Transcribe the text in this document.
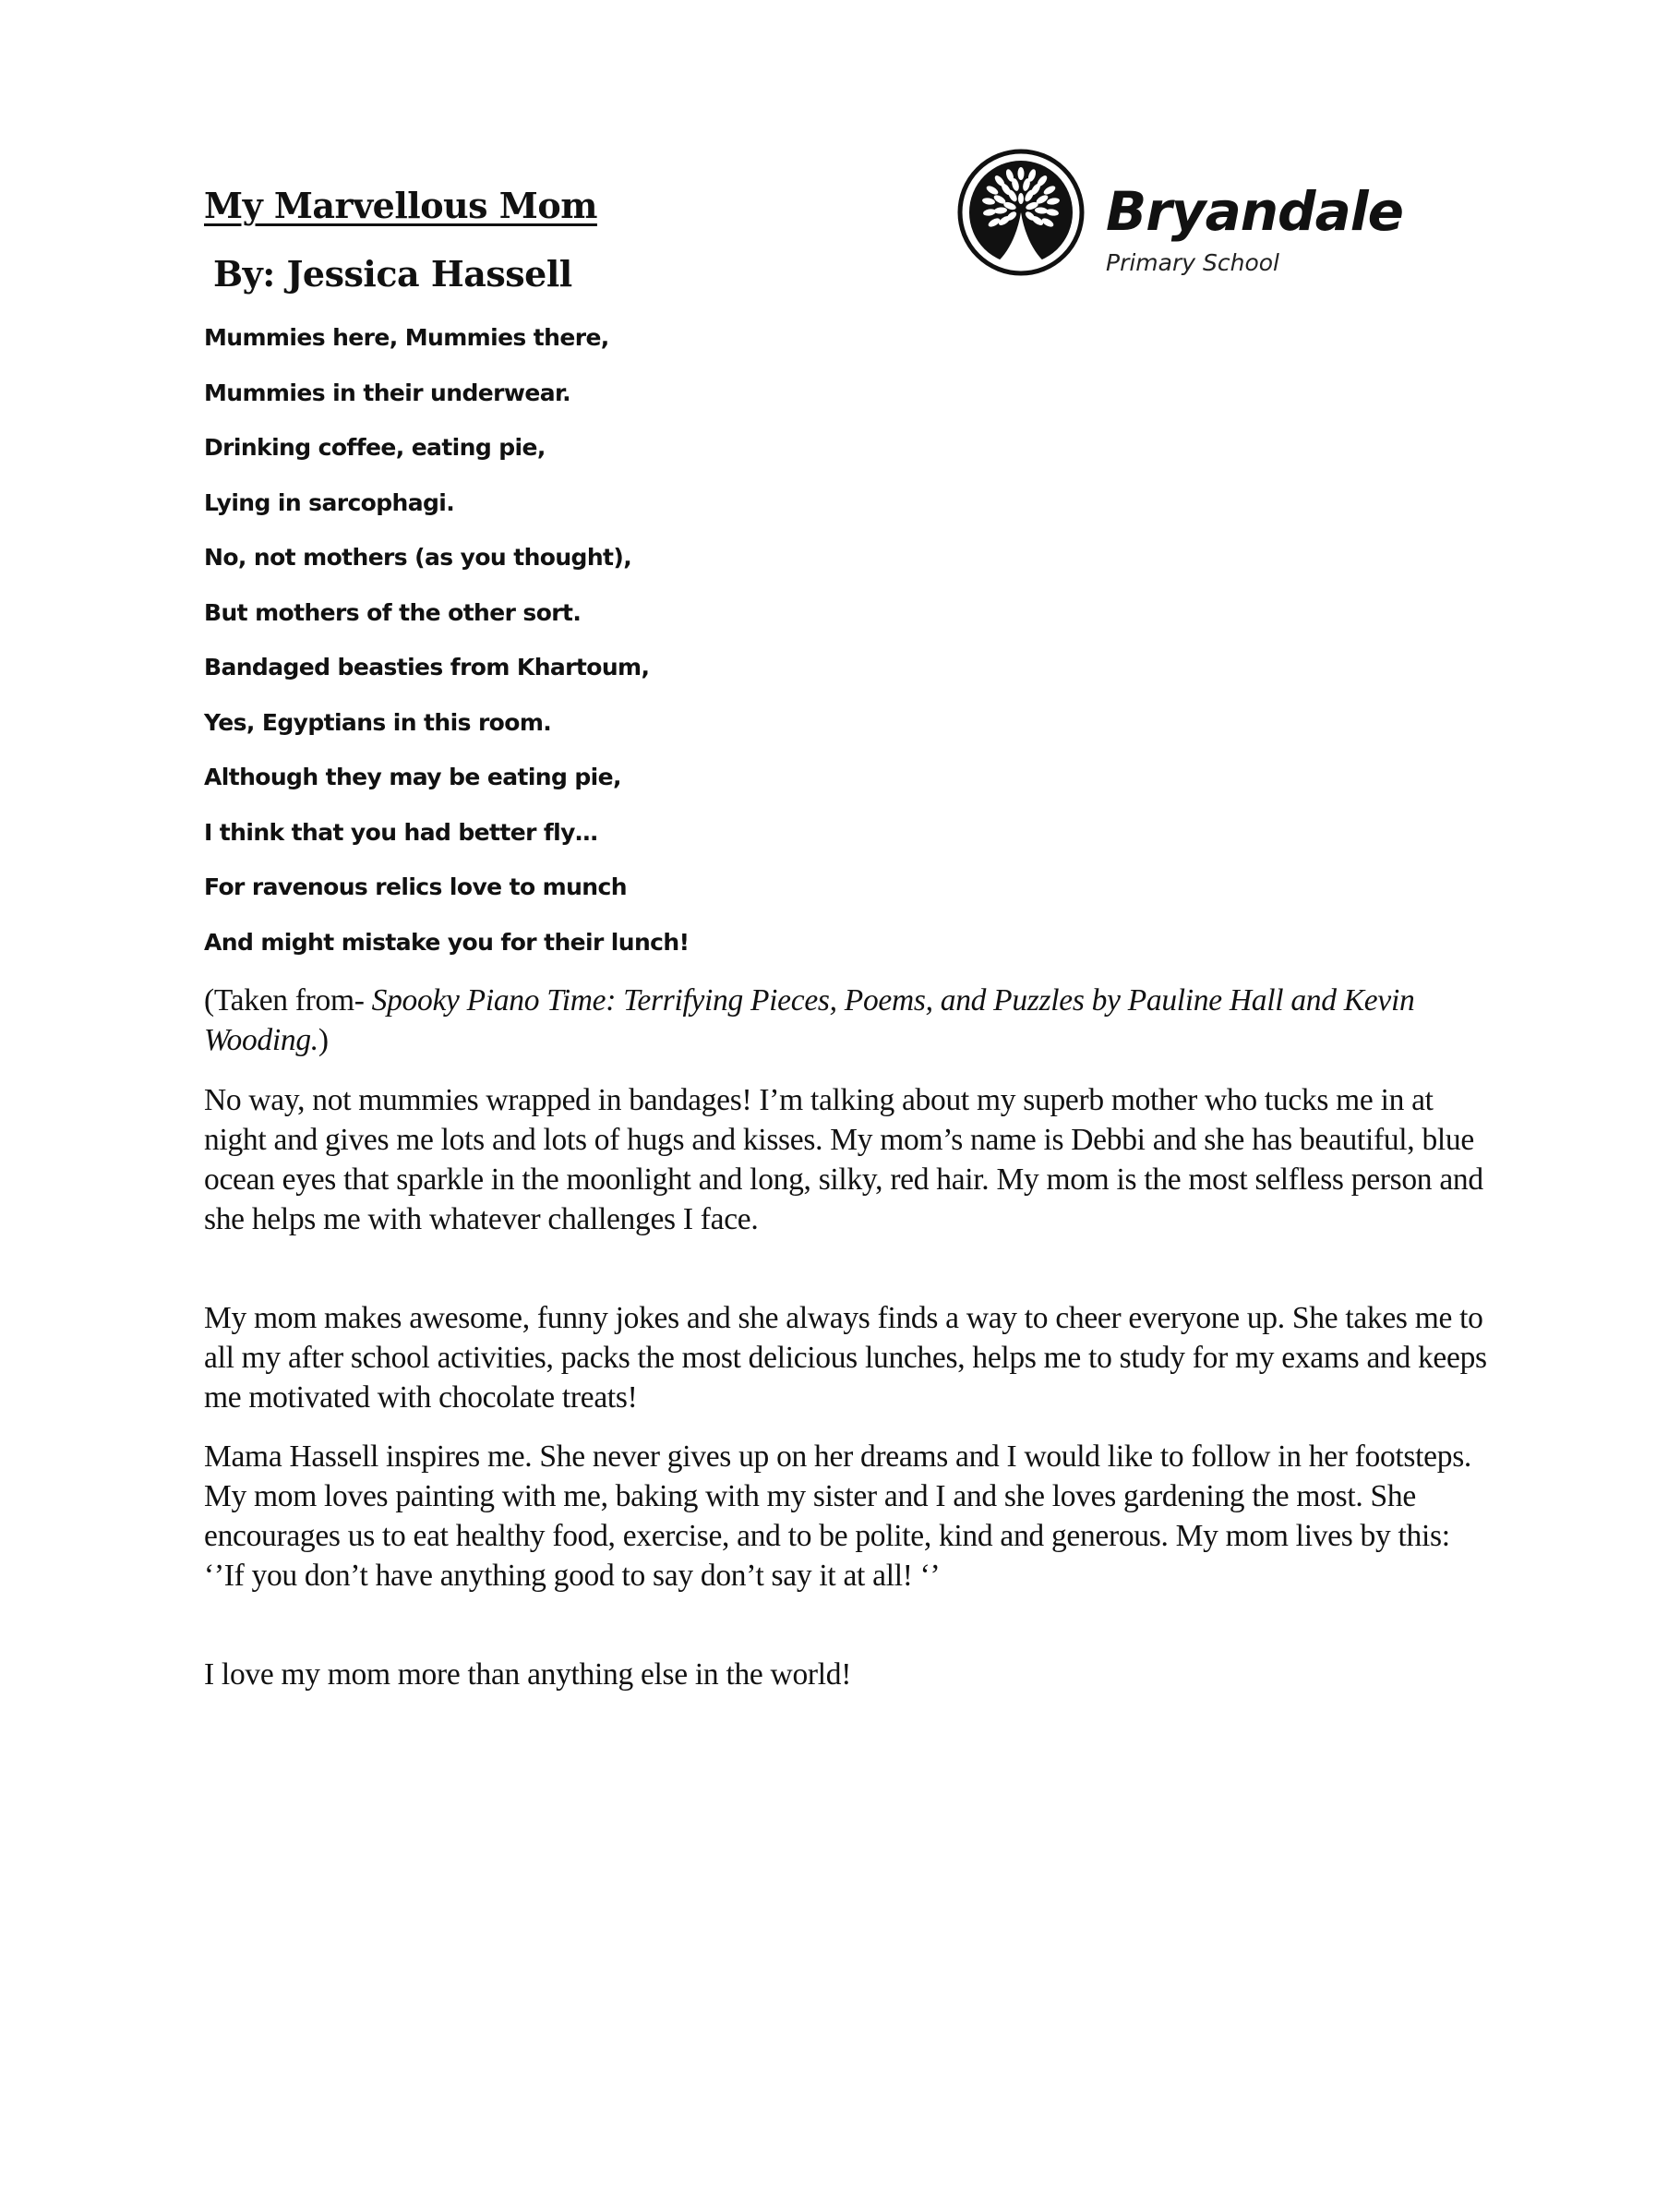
My Marvellous Mom
By: Jessica Hassell
Bryandale
Primary School
Mummies here, Mummies there,
Mummies in their underwear.
Drinking coffee, eating pie,
Lying in sarcophagi.
No, not mothers (as you thought),
But mothers of the other sort.
Bandaged beasties from Khartoum,
Yes, Egyptians in this room.
Although they may be eating pie,
I think that you had better fly…
For ravenous relics love to munch
And might mistake you for their lunch!

(Taken from- Spooky Piano Time: Terrifying Pieces, Poems, and Puzzles by Pauline Hall and Kevin Wooding.)

No way, not mummies wrapped in bandages! I’m talking about my superb mother who tucks me in at night and gives me lots and lots of hugs and kisses. My mom’s name is Debbi and she has beautiful, blue ocean eyes that sparkle in the moonlight and long, silky, red hair. My mom is the most selfless person and she helps me with whatever challenges I face.

My mom makes awesome, funny jokes and she always finds a way to cheer everyone up. She takes me to all my after school activities, packs the most delicious lunches, helps me to study for my exams and keeps me motivated with chocolate treats!

Mama Hassell inspires me. She never gives up on her dreams and I would like to follow in her footsteps. My mom loves painting with me, baking with my sister and I and she loves gardening the most. She encourages us to eat healthy food, exercise, and to be polite, kind and generous. My mom lives by this: ‘’If you don’t have anything good to say don’t say it at all! ‘’

I love my mom more than anything else in the world!
